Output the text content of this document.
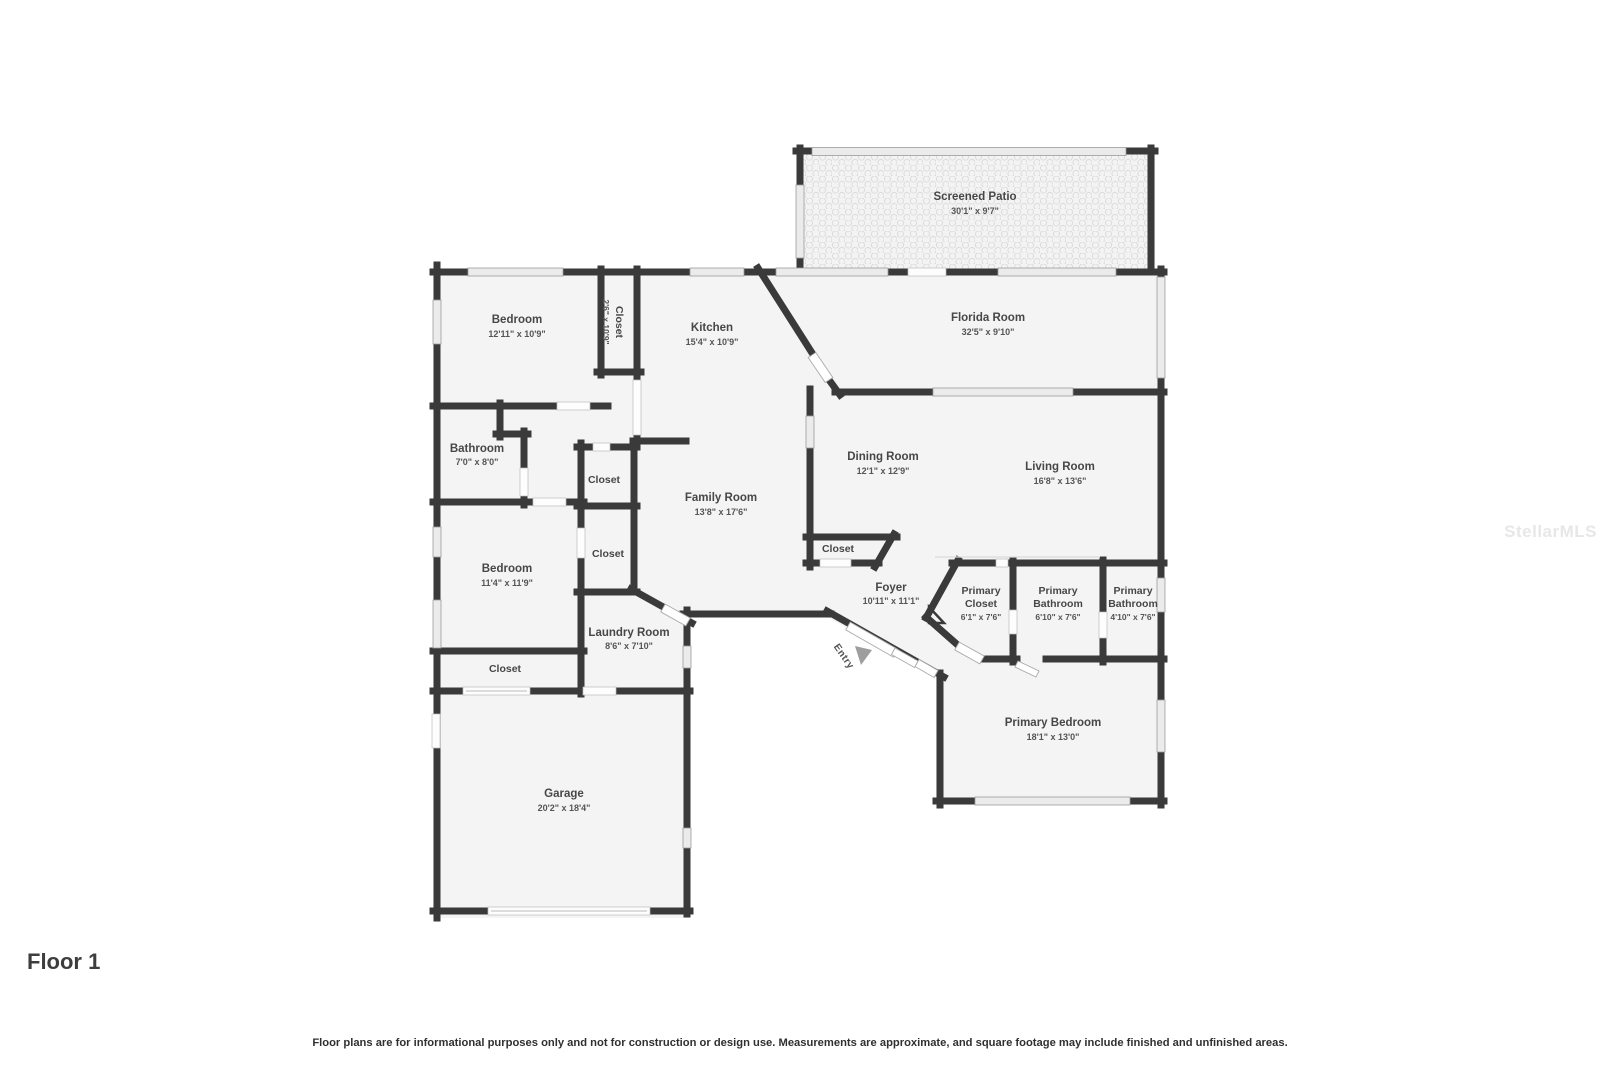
Screened Patio
30'1" x 9'7"
Florida Room
32'5" x 9'10"
Bedroom
12'11" x 10'9"	Closet
2'6" x 10'9"	Kitchen
15'4" x 10'9"
Bathroom
7'0" x 8'0"	Dining Room
12'1" x 12'9"	Living Room
16'8" x 13'6"
Family Room
13'8" x 17'6"
Closet
Closet
Bedroom
11'4" x 11'9"
Laundry Room
8'6" x 7'10"
Closet
Garage
20'2" x 18'4"
Closet
Foyer
10'11" x 11'1"
Primary
Closet
6'1" x 7'6"
Primary
Bathroom
6'10" x 7'6"
Primary
Bathroom
4'10" x 7'6"
Primary Bedroom
18'1" x 13'0"
Entry
Floor 1
Floor plans are for informational purposes only and not for construction or design use. Measurements are approximate, and square footage may include finished and unfinished areas.
StellarMLS
